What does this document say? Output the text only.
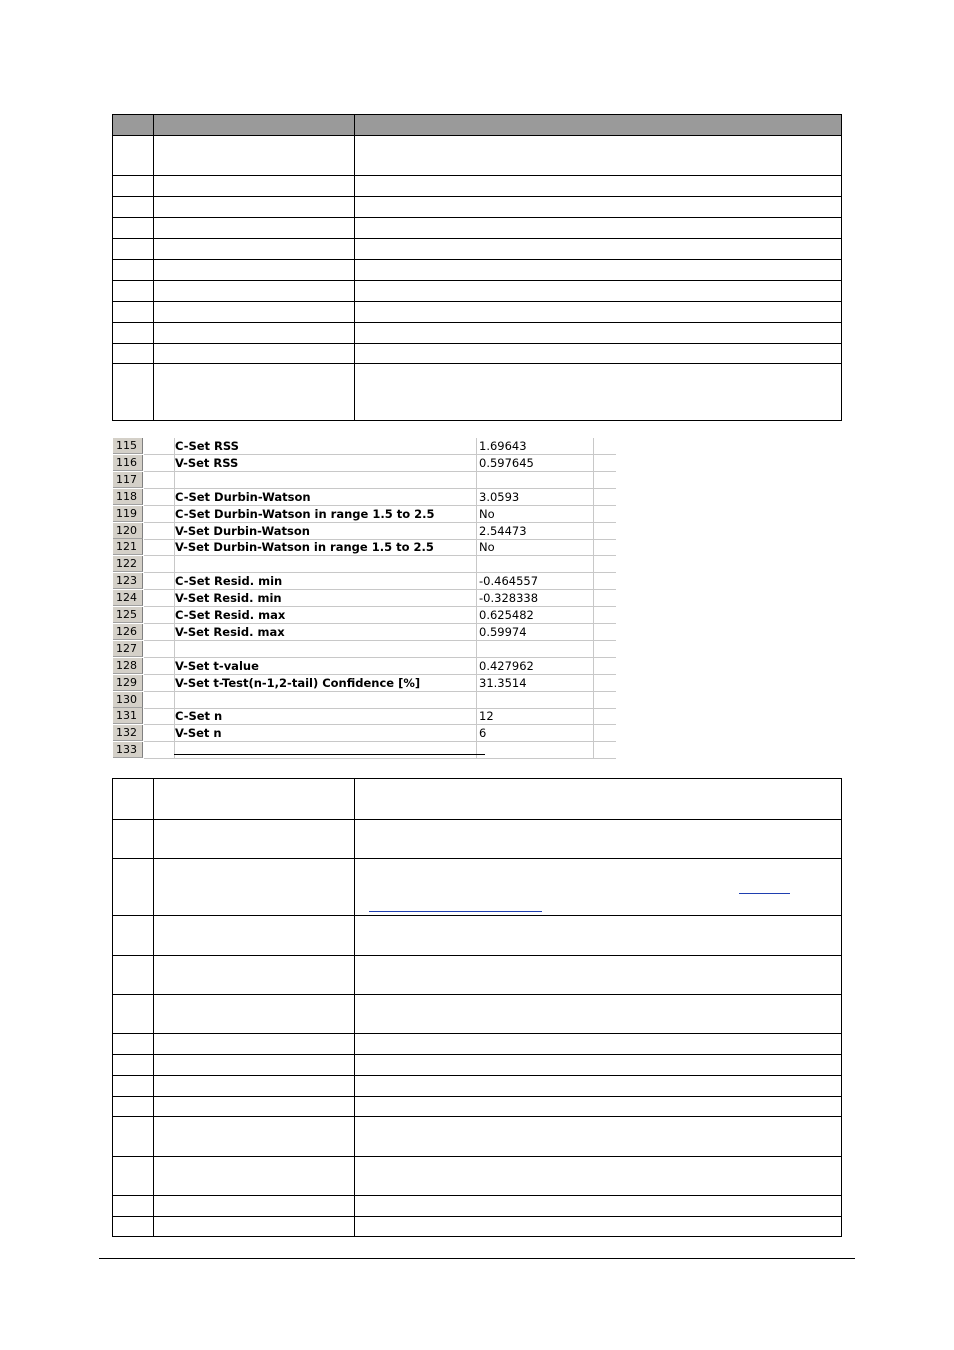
115	C-Set RSS	1.69643
116	V-Set RSS	0.597645
117
118	C-Set Durbin-Watson	3.0593
119	C-Set Durbin-Watson in range 1.5 to 2.5	No
120	V-Set Durbin-Watson	2.54473
121	V-Set Durbin-Watson in range 1.5 to 2.5	No
122
123	C-Set Resid. min	-0.464557
124	V-Set Resid. min	-0.328338
125	C-Set Resid. max	0.625482
126	V-Set Resid. max	0.59974
127
128	V-Set t-value	0.427962
129	V-Set t-Test(n-1,2-tail) Confidence [%]	31.3514
130
131	C-Set n	12
132	V-Set n	6
133
